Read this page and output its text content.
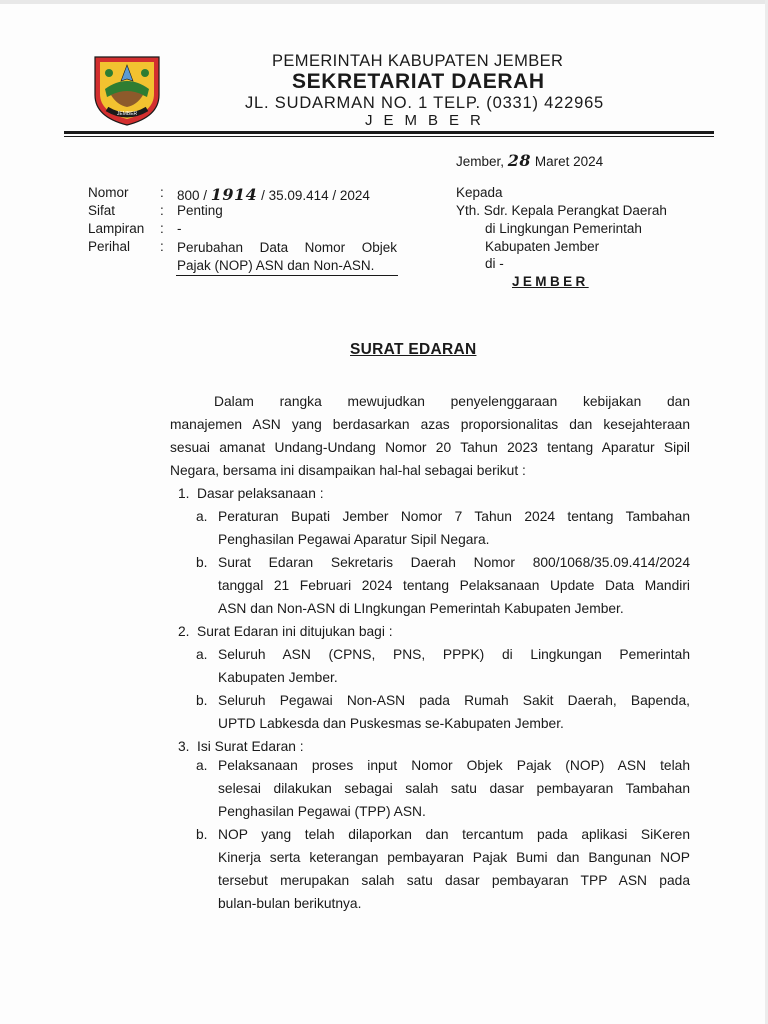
JEMBER
PEMERINTAH KABUPATEN JEMBER
SEKRETARIAT DAERAH
JL. SUDARMAN NO. 1 TELP. (0331) 422965
JEMBER
Jember, 28 Maret 2024
Nomor : 800 / 1914 / 35.09.414 / 2024
Sifat	: Penting
Lampiran : -
Perihal : Perubahan Data Nomor Objek
Pajak (NOP) ASN dan Non-ASN.
Kepada
Yth. Sdr. Kepala Perangkat Daerah
di Lingkungan Pemerintah
Kabupaten Jember
di -
JEMBER
SURAT EDARAN
Dalam rangka mewujudkan penyelenggaraan kebijakan dan
manajemen ASN yang berdasarkan azas proporsionalitas dan kesejahteraan
sesuai amanat Undang-Undang Nomor 20 Tahun 2023 tentang Aparatur Sipil
Negara, bersama ini disampaikan hal-hal sebagai berikut :
1. Dasar pelaksanaan :
a. Peraturan Bupati Jember Nomor 7 Tahun 2024 tentang Tambahan
Penghasilan Pegawai Aparatur Sipil Negara.
b. Surat Edaran Sekretaris Daerah Nomor 800/1068/35.09.414/2024
tanggal 21 Februari 2024 tentang Pelaksanaan Update Data Mandiri
ASN dan Non-ASN di LIngkungan Pemerintah Kabupaten Jember.
2. Surat Edaran ini ditujukan bagi :
a. Seluruh ASN (CPNS, PNS, PPPK) di Lingkungan Pemerintah
Kabupaten Jember.
b. Seluruh Pegawai Non-ASN pada Rumah Sakit Daerah, Bapenda,
UPTD Labkesda dan Puskesmas se-Kabupaten Jember.
3. Isi Surat Edaran :
a. Pelaksanaan proses input Nomor Objek Pajak (NOP) ASN telah
selesai dilakukan sebagai salah satu dasar pembayaran Tambahan
Penghasilan Pegawai (TPP) ASN.
b. NOP yang telah dilaporkan dan tercantum pada aplikasi SiKeren
Kinerja serta keterangan pembayaran Pajak Bumi dan Bangunan NOP
tersebut merupakan salah satu dasar pembayaran TPP ASN pada
bulan-bulan berikutnya.
